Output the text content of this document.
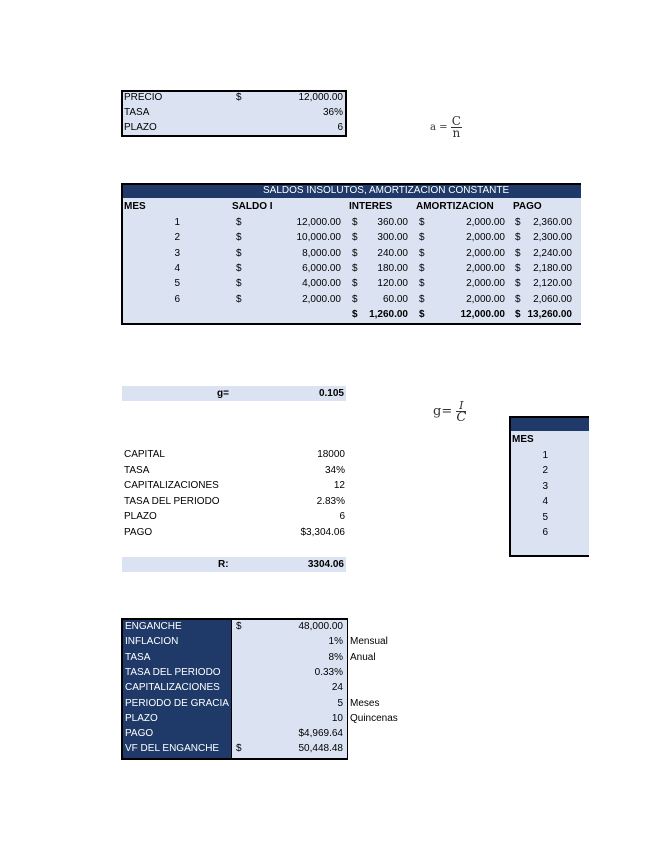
PRECIO	$	12,000.00
TASA	36%
PLAZO	6	$a = \frac{C}{n}$
SALDOS INSOLUTOS, AMORTIZACION CONSTANTE
MES	SALDO I	INTERES AMORTIZACION PAGO
1	$	12,000.00 $	360.00 $	2,000.00 $	2,360.00
2	$	10,000.00 $	300.00 $	2,000.00 $	2,300.00
3	$	8,000.00 $	240.00 $	2,000.00 $	2,240.00
4	$	6,000.00 $	180.00 $	2,000.00 $	2,180.00
5	$	4,000.00 $	120.00 $	2,000.00 $	2,120.00
6	$	2,000.00 $	60.00 $	2,000.00 $	2,060.00
$	1,260.00 $	12,000.00 $ 13,260.00
g=	0.105
$g= \frac{I}{C}$
MES
1
2
3
4
5
6
CAPITAL	18000
TASA	34%
CAPITALIZACIONES	12
TASA DEL PERIODO	2.83%
PLAZO	6
PAGO	$3,304.06
R:	3304.06
ENGANCHE	$	48,000.00
INFLACION	1% Mensual
TASA	8% Anual
TASA DEL PERIODO	0.33%
CAPITALIZACIONES	24
PERIODO DE GRACIA	5 Meses
PLAZO	10 Quincenas
PAGO	$4,969.64
VF DEL ENGANCHE $	50,448.48
